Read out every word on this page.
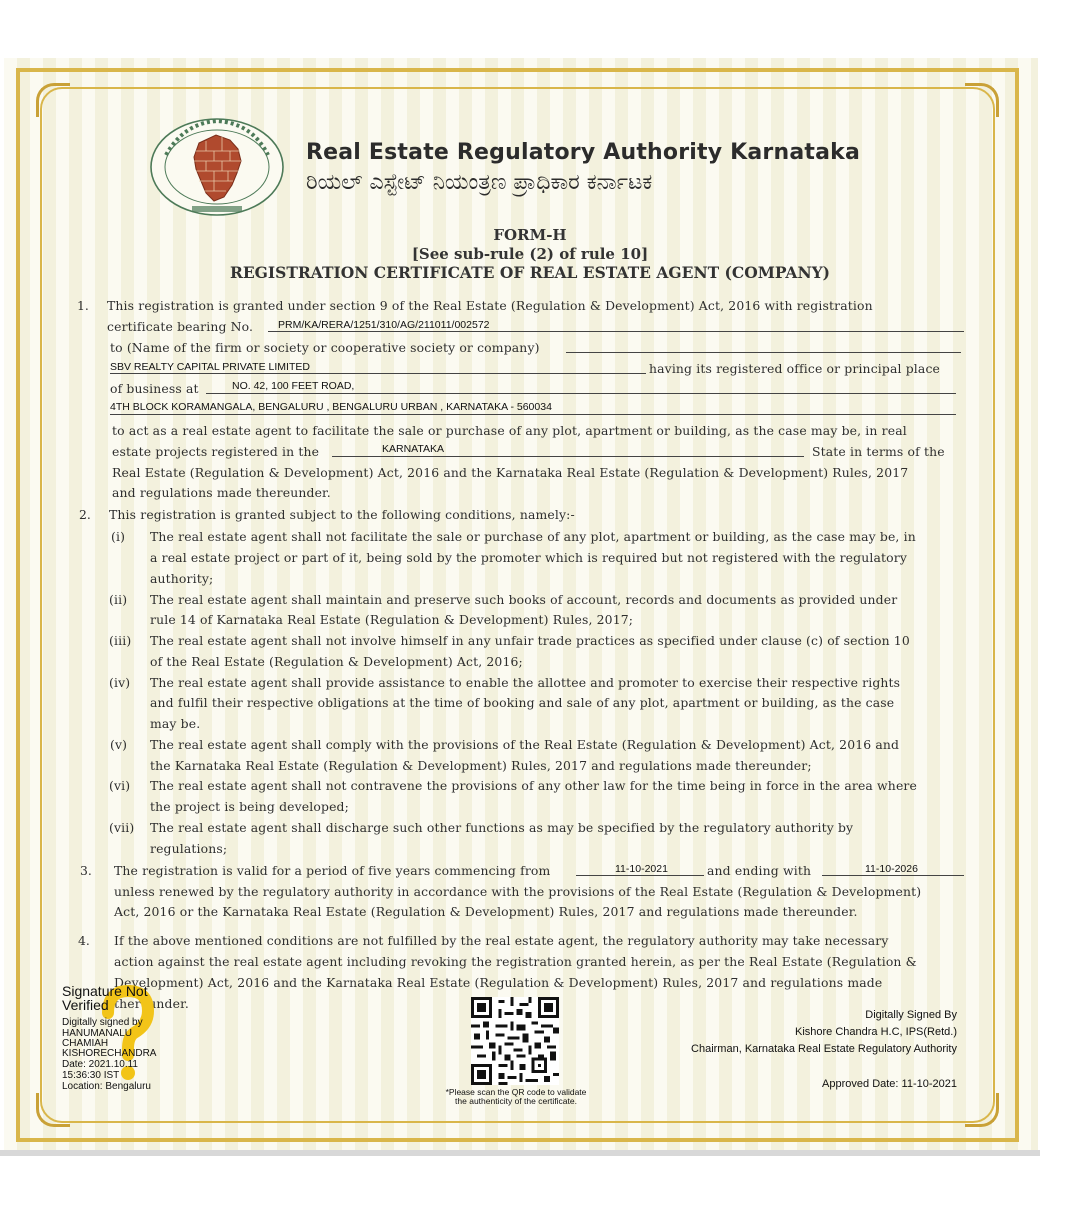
Real Estate Regulatory Authority Karnataka
ರಿಯಲ್ ಎಸ್ಟೇಟ್ ನಿಯಂತ್ರಣ ಪ್ರಾಧಿಕಾರ ಕರ್ನಾಟಕ
FORM-H
[See sub-rule (2) of rule 10]
REGISTRATION CERTIFICATE OF REAL ESTATE AGENT (COMPANY)
1. This registration is granted under section 9 of the Real Estate (Regulation & Development) Act, 2016 with registration
certificate bearing No. PRM/KA/RERA/1251/310/AG/211011/002572
to (Name of the firm or society or cooperative society or company)
SBV REALTY CAPITAL PRIVATE LIMITED	having its registered office or principal place
of business at	NO. 42, 100 FEET ROAD,
4TH BLOCK KORAMANGALA, BENGALURU , BENGALURU URBAN , KARNATAKA - 560034
to act as a real estate agent to facilitate the sale or purchase of any plot, apartment or building, as the case may be, in real
estate projects registered in the	KARNATAKA	State in terms of the
Real Estate (Regulation & Development) Act, 2016 and the Karnataka Real Estate (Regulation & Development) Rules, 2017
and regulations made thereunder.
2. This registration is granted subject to the following conditions, namely:-
(i) The real estate agent shall not facilitate the sale or purchase of any plot, apartment or building, as the case may be, in
a real estate project or part of it, being sold by the promoter which is required but not registered with the regulatory
authority;
(ii) The real estate agent shall maintain and preserve such books of account, records and documents as provided under
rule 14 of Karnataka Real Estate (Regulation & Development) Rules, 2017;
(iii) The real estate agent shall not involve himself in any unfair trade practices as specified under clause (c) of section 10
of the Real Estate (Regulation & Development) Act, 2016;
(iv) The real estate agent shall provide assistance to enable the allottee and promoter to exercise their respective rights
and fulfil their respective obligations at the time of booking and sale of any plot, apartment or building, as the case
may be.
(v) The real estate agent shall comply with the provisions of the Real Estate (Regulation & Development) Act, 2016 and
the Karnataka Real Estate (Regulation & Development) Rules, 2017 and regulations made thereunder;
(vi) The real estate agent shall not contravene the provisions of any other law for the time being in force in the area where
the project is being developed;
(vii) The real estate agent shall discharge such other functions as may be specified by the regulatory authority by
regulations;
3. The registration is valid for a period of five years commencing from	11-10-2021	and ending with	11-10-2026
unless renewed by the regulatory authority in accordance with the provisions of the Real Estate (Regulation & Development)
Act, 2016 or the Karnataka Real Estate (Regulation & Development) Rules, 2017 and regulations made thereunder.
4. If the above mentioned conditions are not fulfilled by the real estate agent, the regulatory authority may take necessary
action against the real estate agent including revoking the registration granted herein, as per the Real Estate (Regulation &
Development) Act, 2016 and the Karnataka Real Estate (Regulation & Development) Rules, 2017 and regulations made
thereunder.
Signature Not
Verified
Digitally signed by
HANUMANALU
CHAMIAH
KISHORECHANDRA
Date: 2021.10.11
15:36:30 IST
Location: Bengaluru	*Please scan the QR code to validate
the authenticity of the certificate.
Digitally Signed By
Kishore Chandra H.C, IPS(Retd.)
Chairman, Karnataka Real Estate Regulatory Authority
Approved Date: 11-10-2021
